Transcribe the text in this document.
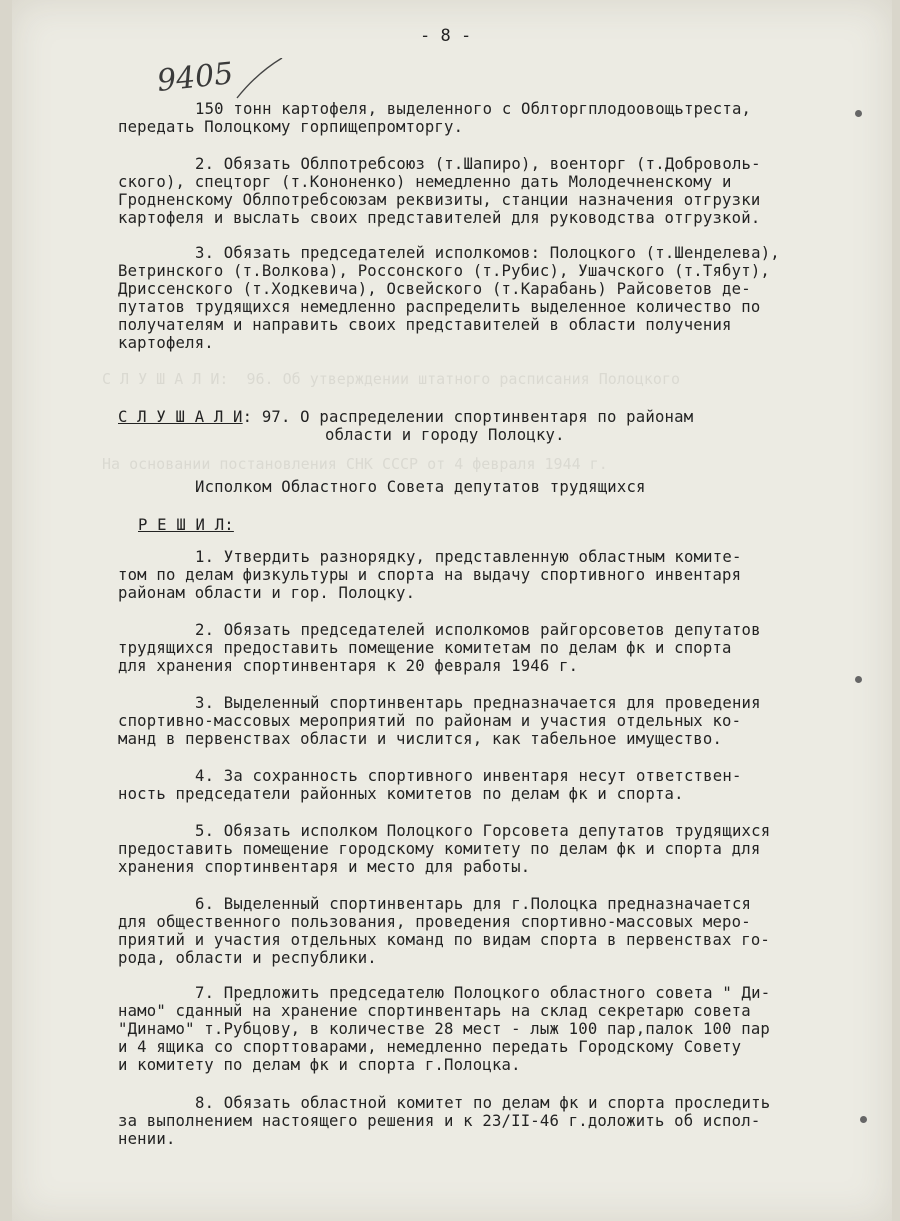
С Л У Ш А Л И:  96. Об утверждении штатного расписания Полоцкого
На основании постановления СНК СССР от 4 февраля 1944 г.
- 8 -
9405
150 тонн картофеля, выделенного с Облторгплодоовощьтреста,
передать Полоцкому горпищепромторгу.
2. Обязать Облпотребсоюз (т.Шапиро), военторг (т.Доброволь-
ского), спецторг (т.Кононенко) немедленно дать Молодечненскому и
Гродненскому Облпотребсоюзам реквизиты, станции назначения отгрузки
картофеля и выслать своих представителей для руководства отгрузкой.
3. Обязать председателей исполкомов: Полоцкого (т.Шенделева),
Ветринского (т.Волкова), Россонского (т.Рубис), Ушачского (т.Тябут),
Дриссенского (т.Ходкевича), Освейского (т.Карабань) Райсоветов де-
путатов трудящихся немедленно распределить выделенное количество по
получателям и направить своих представителей в области получения
картофеля.
С Л У Ш А Л И: 97. О распределении спортинвентаря по районам
области и городу Полоцку.
Исполком Областного Совета депутатов трудящихся
Р Е Ш И Л:
1. Утвердить разнорядку, представленную областным комите-
том по делам физкультуры и спорта на выдачу спортивного инвентаря
районам области и гор. Полоцку.
2. Обязать председателей исполкомов райгорсоветов депутатов
трудящихся предоставить помещение комитетам по делам фк и спорта
для хранения спортинвентаря к 20 февраля 1946 г.
3. Выделенный спортинвентарь предназначается для проведения
спортивно-массовых мероприятий по районам и участия отдельных ко-
манд в первенствах области и числится, как табельное имущество.
4. За сохранность спортивного инвентаря несут ответствен-
ность председатели районных комитетов по делам фк и спорта.
5. Обязать исполком Полоцкого Горсовета депутатов трудящихся
предоставить помещение городскому комитету по делам фк и спорта для
хранения спортинвентаря и место для работы.
6. Выделенный спортинвентарь для г.Полоцка предназначается
для общественного пользования, проведения спортивно-массовых меро-
приятий и участия отдельных команд по видам спорта в первенствах го-
рода, области и республики.
7. Предложить председателю Полоцкого областного совета " Ди-
намо" сданный на хранение спортинвентарь на склад секретарю совета
"Динамо" т.Рубцову, в количестве 28 мест - лыж 100 пар,палок 100 пар
и 4 ящика со спорттоварами, немедленно передать Городскому Совету
и комитету по делам фк и спорта г.Полоцка.
8. Обязать областной комитет по делам фк и спорта проследить
за выполнением настоящего решения и к 23/II-46 г.доложить об испол-
нении.
